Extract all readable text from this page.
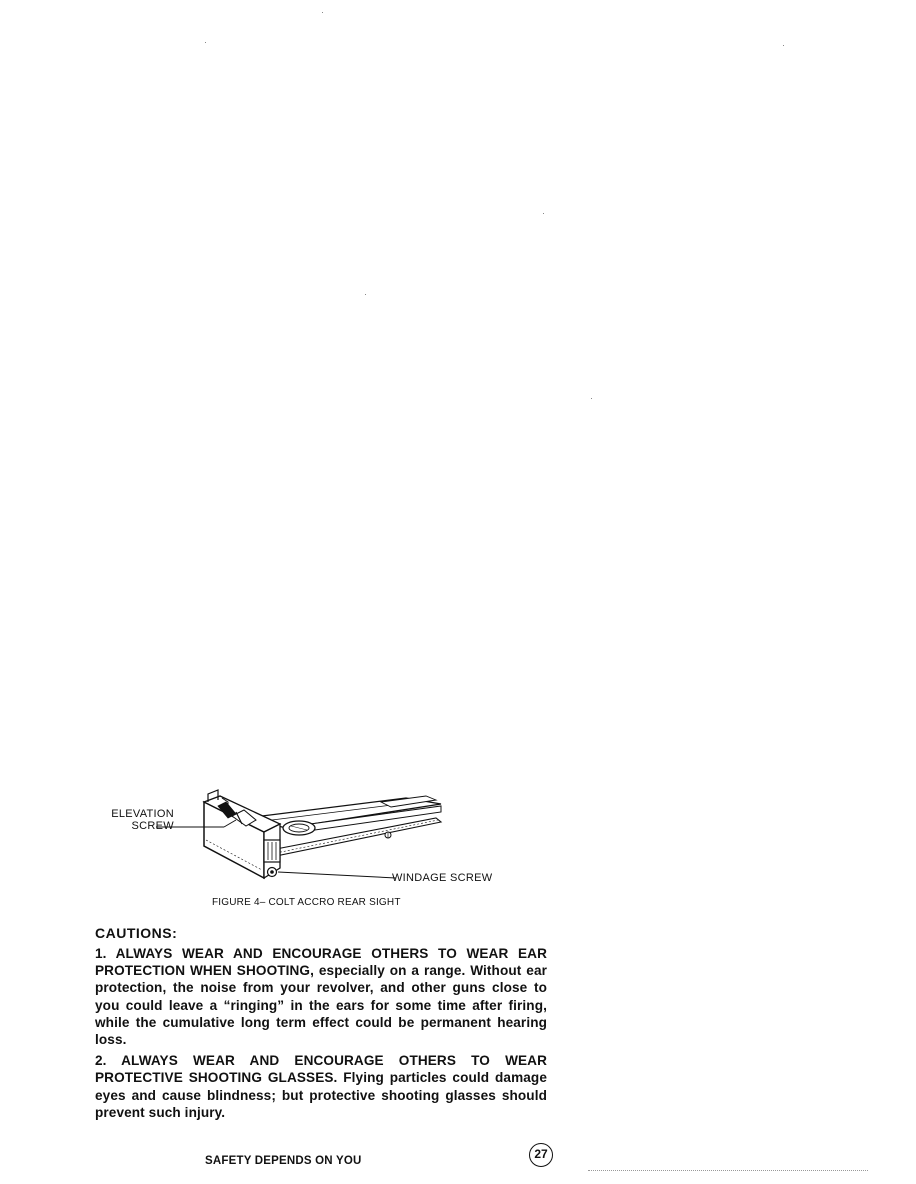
ELEVATION
SCREW
WINDAGE SCREW
FIGURE 4– COLT ACCRO REAR SIGHT
CAUTIONS:
1. ALWAYS WEAR AND ENCOURAGE OTHERS TO WEAR EAR PROTECTION WHEN SHOOTING, especially on a range. Without ear protection, the noise from your revolver, and other guns close to you could leave a “ringing” in the ears for some time after firing, while the cumulative long term effect could be permanent hearing loss.
2. ALWAYS WEAR AND ENCOURAGE OTHERS TO WEAR PROTECTIVE SHOOTING GLASSES. Flying particles could damage eyes and cause blindness; but protective shooting glasses should prevent such injury.
SAFETY DEPENDS ON YOU	27
